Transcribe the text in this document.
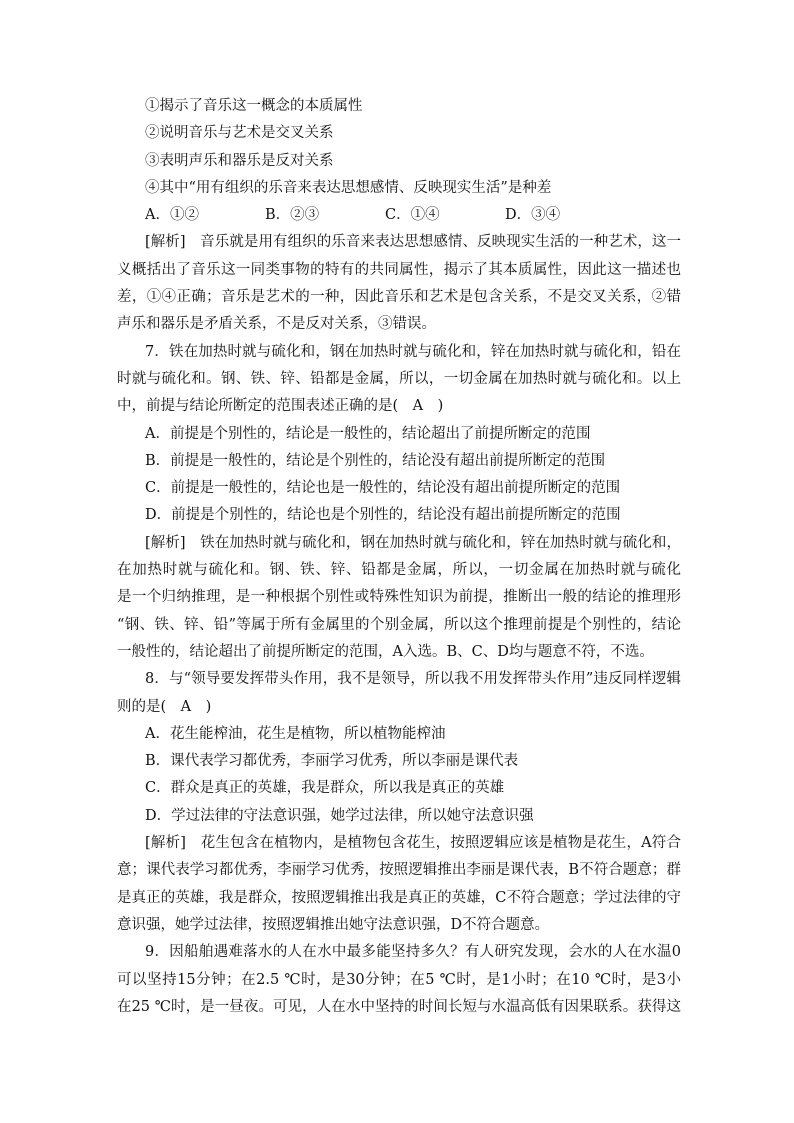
①揭示了音乐这一概念的本质属性
②说明音乐与艺术是交叉关系
③表明声乐和器乐是反对关系
④其中“用有组织的乐音来表达思想感情、反映现实生活”是种差
A．①②	B．②③	C．①④	D．③④
[解析]　音乐就是用有组织的乐音来表达思想感情、反映现实生活的一种艺术，这一
义概括出了音乐这一同类事物的特有的共同属性，揭示了其本质属性，因此这一描述也
差，①④正确；音乐是艺术的一种，因此音乐和艺术是包含关系，不是交叉关系，②错
声乐和器乐是矛盾关系，不是反对关系，③错误。
7．铁在加热时就与硫化和，钢在加热时就与硫化和，锌在加热时就与硫化和，铅在
时就与硫化和。钢、铁、锌、铅都是金属，所以，一切金属在加热时就与硫化和。以上
中，前提与结论所断定的范围表述正确的是(　A　)
A．前提是个别性的，结论是一般性的，结论超出了前提所断定的范围
B．前提是一般性的，结论是个别性的，结论没有超出前提所断定的范围
C．前提是一般性的，结论也是一般性的，结论没有超出前提所断定的范围
D．前提是个别性的，结论也是个别性的，结论没有超出前提所断定的范围
[解析]　铁在加热时就与硫化和，钢在加热时就与硫化和，锌在加热时就与硫化和，
在加热时就与硫化和。钢、铁、锌、铅都是金属，所以，一切金属在加热时就与硫化
是一个归纳推理，是一种根据个别性或特殊性知识为前提，推断出一般的结论的推理形
“钢、铁、锌、铅”等属于所有金属里的个别金属，所以这个推理前提是个别性的，结论
一般性的，结论超出了前提所断定的范围，A入选。B、C、D均与题意不符，不选。
8．与“领导要发挥带头作用，我不是领导，所以我不用发挥带头作用”违反同样逻辑
则的是(　A　)
A．花生能榨油，花生是植物，所以植物能榨油
B．课代表学习都优秀，李丽学习优秀，所以李丽是课代表
C．群众是真正的英雄，我是群众，所以我是真正的英雄
D．学过法律的守法意识强，她学过法律，所以她守法意识强
[解析]　花生包含在植物内，是植物包含花生，按照逻辑应该是植物是花生，A符合
意；课代表学习都优秀，李丽学习优秀，按照逻辑推出李丽是课代表，B不符合题意；群
是真正的英雄，我是群众，按照逻辑推出我是真正的英雄，C不符合题意；学过法律的守
意识强，她学过法律，按照逻辑推出她守法意识强，D不符合题意。
9．因船舶遇难落水的人在水中最多能坚持多久？有人研究发现，会水的人在水温0
可以坚持15分钟；在2.5 ℃时，是30分钟；在5 ℃时，是1小时；在10 ℃时，是3小
在25 ℃时，是一昼夜。可见，人在水中坚持的时间长短与水温高低有因果联系。获得这
